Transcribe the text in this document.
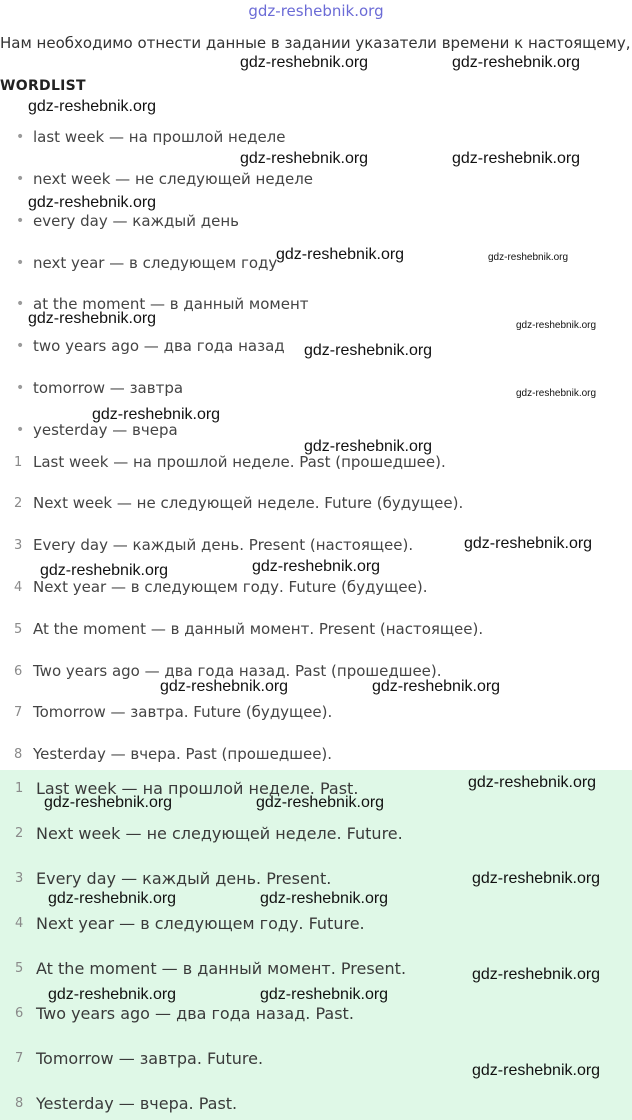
gdz-reshebnik.org
Нам необходимо отнести данные в задании указатели времени к настоящему,
WORDLIST
• last week — на прошлой неделе
• next week — не следующей неделе
• every day — каждый день
• next year — в следующем году
• at the moment — в данный момент
• two years ago — два года назад
• tomorrow — завтра
• yesterday — вчера
1 Last week — на прошлой неделе. Past (прошедшее).
2 Next week — не следующей неделе. Future (будущее).
3 Every day — каждый день. Present (настоящее).
4 Next year — в следующем году. Future (будущее).
5 At the moment — в данный момент. Present (настоящее).
6 Two years ago — два года назад. Past (прошедшее).
7 Tomorrow — завтра. Future (будущее).
8 Yesterday — вчера. Past (прошедшее).
1 Last week — на прошлой неделе. Past.
2 Next week — не следующей неделе. Future.
3 Every day — каждый день. Present.
4 Next year — в следующем году. Future.
5 At the moment — в данный момент. Present.
6 Two years ago — два года назад. Past.
7 Tomorrow — завтра. Future.
8 Yesterday — вчера. Past.
gdz-reshebnik.org	gdz-reshebnik.org
gdz-reshebnik.org
gdz-reshebnik.org	gdz-reshebnik.org
gdz-reshebnik.org
gdz-reshebnik.org	gdz-reshebnik.org
gdz-reshebnik.org	gdz-reshebnik.org
gdz-reshebnik.org
gdz-reshebnik.org
gdz-reshebnik.org
gdz-reshebnik.org
gdz-reshebnik.org
gdz-reshebnik.org	gdz-reshebnik.org
gdz-reshebnik.org	gdz-reshebnik.org
gdz-reshebnik.org
gdz-reshebnik.org	gdz-reshebnik.org
gdz-reshebnik.org
gdz-reshebnik.org	gdz-reshebnik.org
gdz-reshebnik.org
gdz-reshebnik.org	gdz-reshebnik.org
gdz-reshebnik.org
